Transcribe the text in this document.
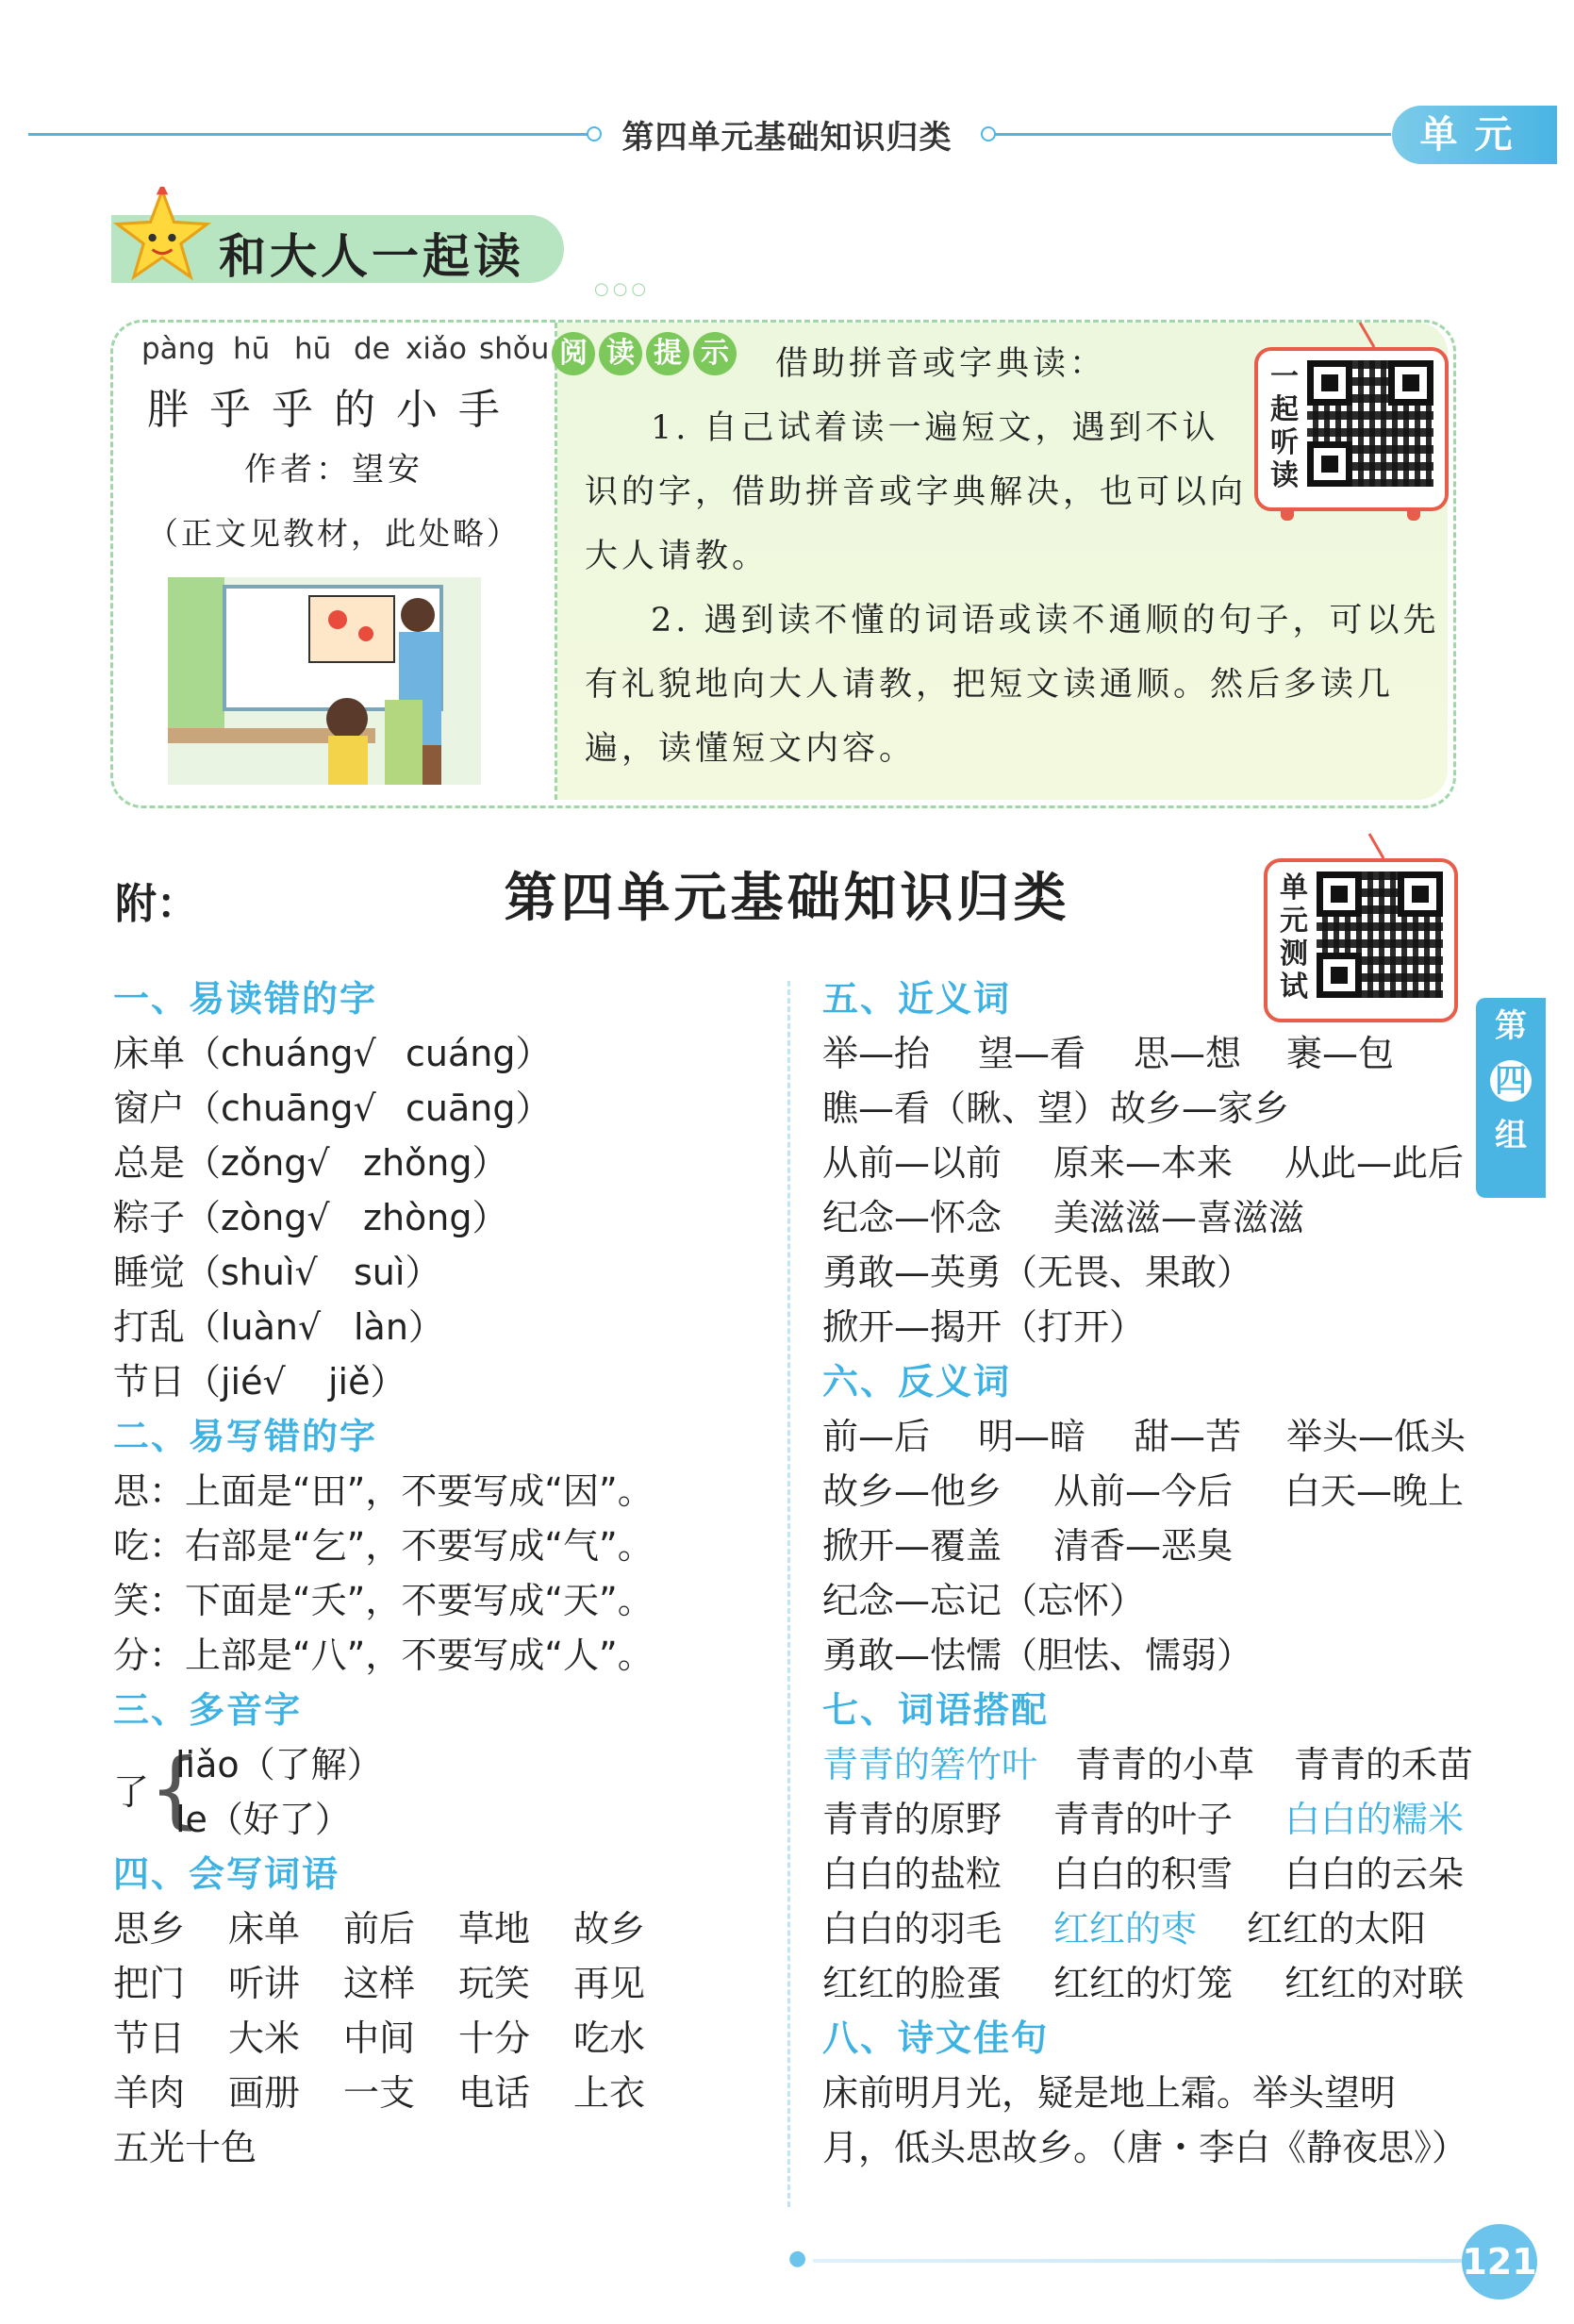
第四单元基础知识归类	单元
和大人一起读
○○○
pàng hū hū de xiǎo shǒu
胖乎乎的小手
作者：望安
（正文见教材，此处略）
阅 读 提 示 借助拼音或字典读：
1. 自己试着读一遍短文，遇到不认
识的字，借助拼音或字典解决，也可以向
大人请教。
2. 遇到读不懂的词语或读不通顺的句子，可以先
有礼貌地向大人请教，把短文读通顺。然后多读几
遍，读懂短文内容。
一
起
听
读
附：	第四单元基础知识归类	单
元
测
试
第
四
组
一、易读错的字
床单（chuáng√ cuáng）
窗户（chuāng√ cuāng）
总是（zǒng√ zhǒng）
粽子（zòng√ zhòng）
睡觉（shuì√ suì）
打乱（luàn√ làn）
节日（jié√ jiě）
二、易写错的字
思：上面是“田”，不要写成“因”。
吃：右部是“乞”，不要写成“气”。
笑：下面是“夭”，不要写成“天”。
分：上部是“八”，不要写成“人”。
三、多音字
了 {
liǎo（了解）
le（好了）
四、会写词语
思乡 床单 前后 草地 故乡
把门 听讲 这样 玩笑 再见
节日 大米 中间 十分 吃水
羊肉 画册 一支 电话 上衣
五光十色
五、近义词
举—抬 望—看 思—想 裹—包
瞧—看（瞅、望）故乡—家乡
从前—以前 原来—本来 从此—此后
纪念—怀念 美滋滋—喜滋滋
勇敢—英勇（无畏、果敢）
掀开—揭开（打开）
六、反义词
前—后 明—暗 甜—苦 举头—低头
故乡—他乡 从前—今后 白天—晚上
掀开—覆盖 清香—恶臭
纪念—忘记（忘怀）
勇敢—怯懦（胆怯、懦弱）
七、词语搭配
青青的箬竹叶 青青的小草 青青的禾苗
青青的原野 青青的叶子 白白的糯米
白白的盐粒 白白的积雪 白白的云朵
白白的羽毛 红红的枣 红红的太阳
红红的脸蛋 红红的灯笼 红红的对联
八、诗文佳句
床前明月光，疑是地上霜。举头望明
月，低头思故乡。（唐・李白《静夜思》）
●	121
